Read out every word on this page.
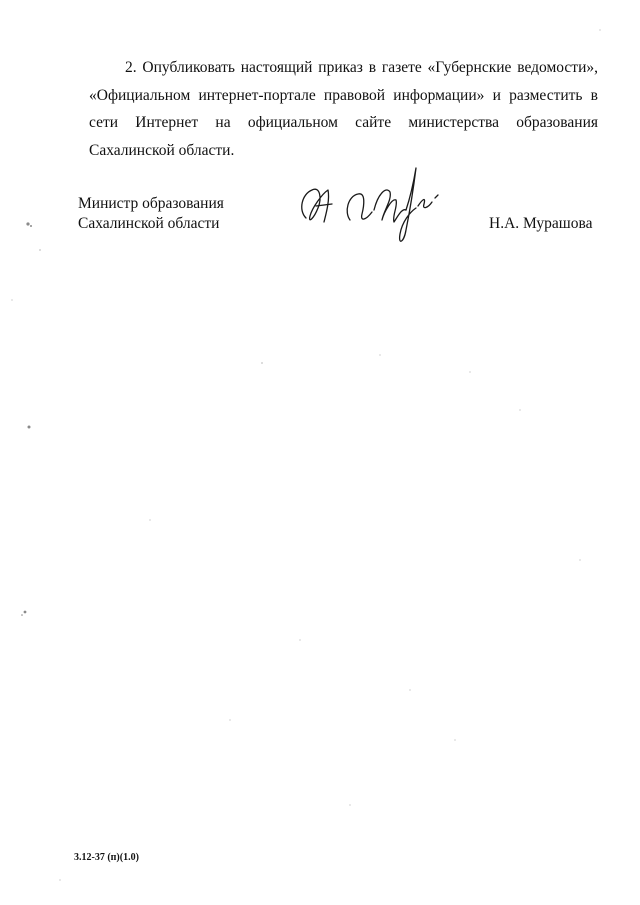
2. Опубликовать настоящий приказ в газете «Губернские ведомости», «Официальном интернет-портале правовой информации» и разместить в сети Интернет на официальном сайте министерства образования Сахалинской области.

Министр образования
Сахалинской области	Н.А. Мурашова
3.12-37 (п)(1.0)
